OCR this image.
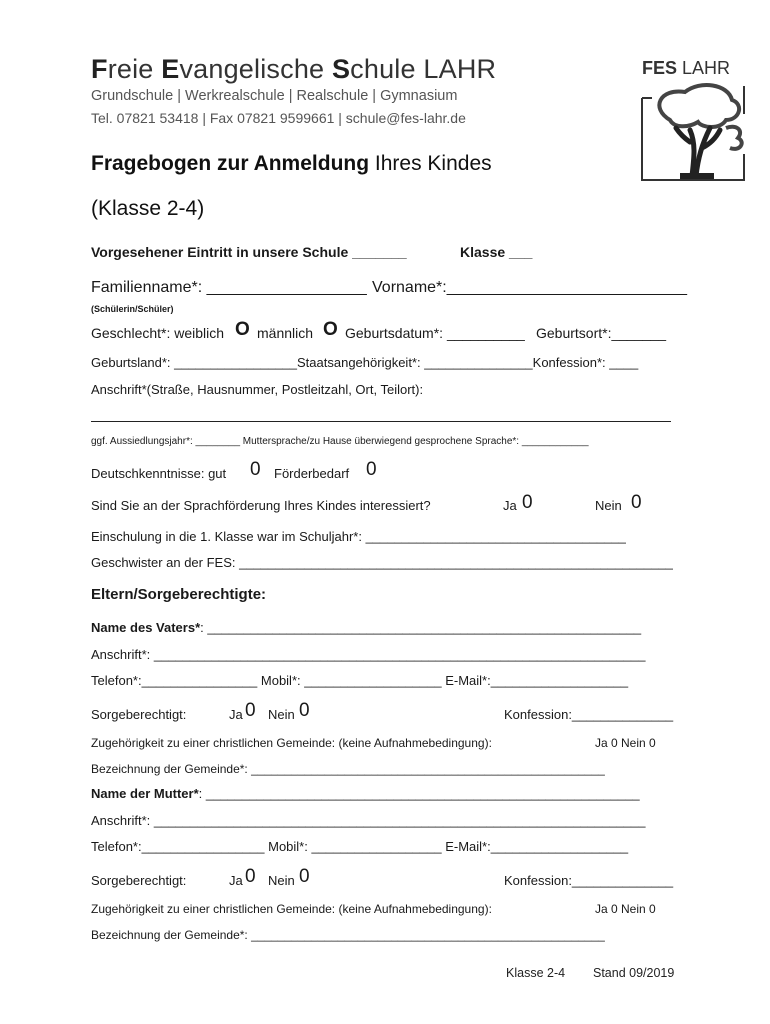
Freie Evangelische Schule LAHR
Grundschule | Werkrealschule | Realschule | Gymnasium
Tel. 07821 53418 | Fax 07821 9599661 | schule@fes-lahr.de
FES LAHR
Fragebogen zur Anmeldung Ihres Kindes
(Klasse 2-4)
Vorgesehener Eintritt in unsere Schule _______	Klasse ___
Familienname*: __________________ Vorname*:___________________________
(Schülerin/Schüler)
Geschlecht*: weiblich O männlich O Geburtsdatum*: __________ Geburtsort*:_______
Geburtsland*: _________________Staatsangehörigkeit*: _______________Konfession*: ____
Anschrift*(Straße, Hausnummer, Postleitzahl, Ort, Teilort):
ggf. Aussiedlungsjahr*: ________ Muttersprache/zu Hause überwiegend gesprochene Sprache*: ____________
Deutschkenntnisse: gut 0 Förderbedarf 0
Sind Sie an der Sprachförderung Ihres Kindes interessiert?	Ja 0	Nein 0
Einschulung in die 1. Klasse war im Schuljahr*: ____________________________________
Geschwister an der FES: ____________________________________________________________
Eltern/Sorgeberechtigte:
Name des Vaters*: ____________________________________________________________
Anschrift*: ____________________________________________________________________
Telefon*:________________ Mobil*: ___________________ E-Mail*:___________________
Sorgeberechtigt:	Ja 0 Nein 0	Konfession:______________
Zugehörigkeit zu einer christlichen Gemeinde: (keine Aufnahmebedingung):	Ja 0 Nein 0
Bezeichnung der Gemeinde*: _____________________________________________________
Name der Mutter*: ____________________________________________________________
Anschrift*: ____________________________________________________________________
Telefon*:_________________ Mobil*: __________________ E-Mail*:___________________
Sorgeberechtigt:	Ja 0 Nein 0	Konfession:______________
Zugehörigkeit zu einer christlichen Gemeinde: (keine Aufnahmebedingung):	Ja 0 Nein 0
Bezeichnung der Gemeinde*: _____________________________________________________
Klasse 2-4 Stand 09/2019
